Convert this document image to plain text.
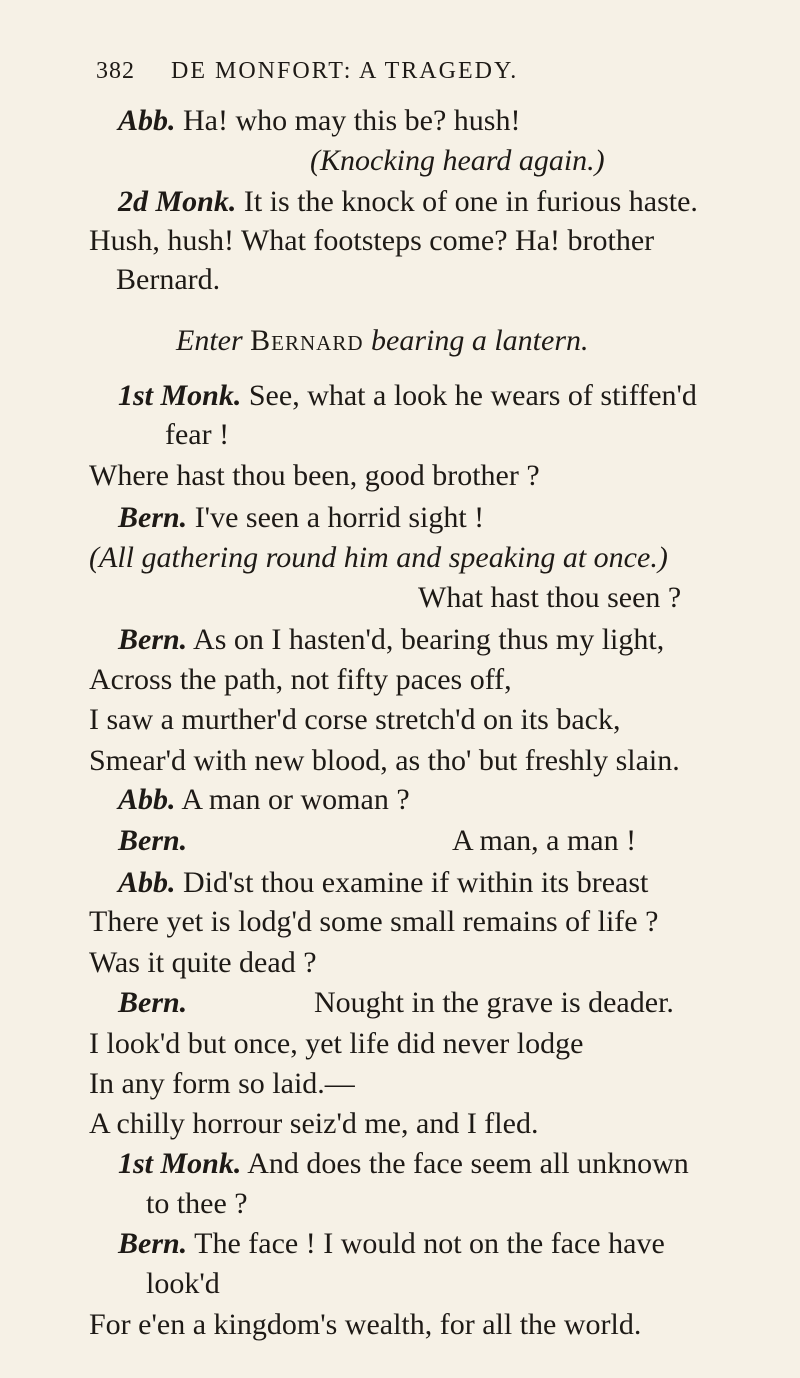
382 DE MONFORT: A TRAGEDY.
Abb. Ha! who may this be? hush!
(Knocking heard again.)
2d Monk. It is the knock of one in furious haste.
Hush, hush! What footsteps come? Ha! brother
Bernard.
Enter Bernard bearing a lantern.
1st Monk. See, what a look he wears of stiffen'd
fear !
Where hast thou been, good brother ?
Bern. I've seen a horrid sight !
(All gathering round him and speaking at once.)
What hast thou seen ?
Bern. As on I hasten'd, bearing thus my light,
Across the path, not fifty paces off,
I saw a murther'd corse stretch'd on its back,
Smear'd with new blood, as tho' but freshly slain.
Abb. A man or woman ?
Bern.	A man, a man !
Abb. Did'st thou examine if within its breast
There yet is lodg'd some small remains of life ?
Was it quite dead ?
Bern.	Nought in the grave is deader.
I look'd but once, yet life did never lodge
In any form so laid.—
A chilly horrour seiz'd me, and I fled.
1st Monk. And does the face seem all unknown
to thee ?
Bern. The face ! I would not on the face have
look'd
For e'en a kingdom's wealth, for all the world.
